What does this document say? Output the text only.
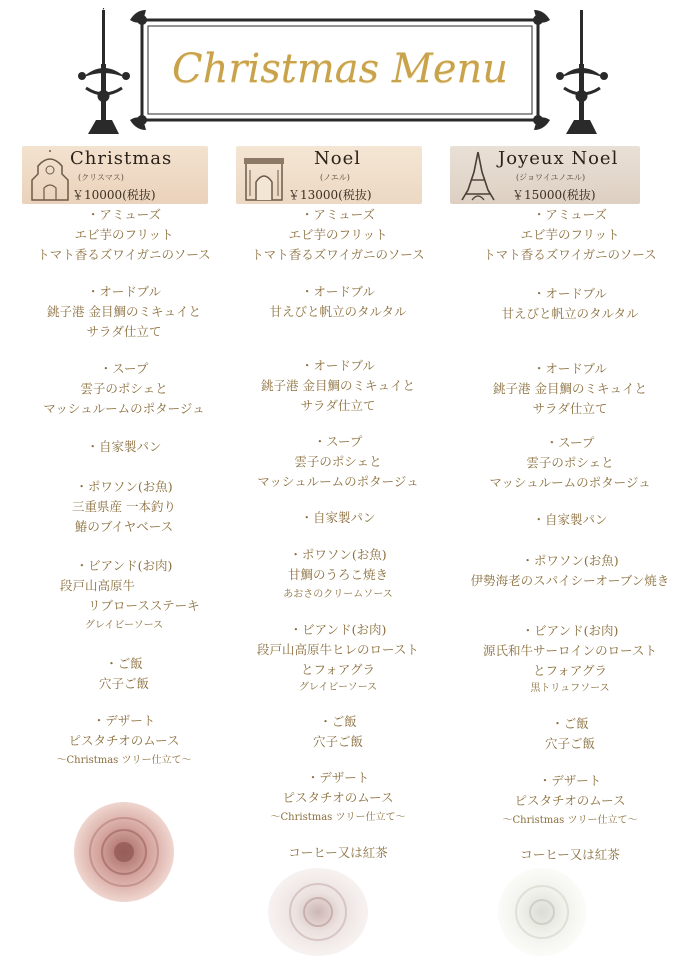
Christmas Menu
Christmas
(クリスマス)
￥10000(税抜)
Noel
(ノエル)
￥13000(税抜)
Joyeux Noel
(ジョワイユノエル)
￥15000(税抜)
・アミューズ
エビ芋のフリット
トマト香るズワイガニのソース
・オードブル
銚子港 金目鯛のミキュイと
サラダ仕立て
・スープ
雲子のポシェと
マッシュルームのポタージュ
・自家製パン
・ポワソン(お魚)
三重県産 一本釣り
鰆のブイヤベース
・ビアンド(お肉)
段戸山高原牛
リブロースステーキ
グレイビーソース
・ご飯
穴子ご飯
・デザート
ピスタチオのムース
～Christmas ツリー仕立て～
・アミューズ
エビ芋のフリット
トマト香るズワイガニのソース
・オードブル
甘えびと帆立のタルタル
・オードブル
銚子港 金目鯛のミキュイと
サラダ仕立て
・スープ
雲子のポシェと
マッシュルームのポタージュ
・自家製パン
・ポワソン(お魚)
甘鯛のうろこ焼き
あおさのクリームソース
・ビアンド(お肉)
段戸山高原牛ヒレのロースト
とフォアグラ
グレイビーソース
・ご飯
穴子ご飯
・デザート
ピスタチオのムース
～Christmas ツリー仕立て～
コーヒー又は紅茶
・アミューズ
エビ芋のフリット
トマト香るズワイガニのソース
・オードブル
甘えびと帆立のタルタル
・オードブル
銚子港 金目鯛のミキュイと
サラダ仕立て
・スープ
雲子のポシェと
マッシュルームのポタージュ
・自家製パン
・ポワソン(お魚)
伊勢海老のスパイシーオーブン焼き
・ビアンド(お肉)
源氏和牛サーロインのロースト
とフォアグラ
黒トリュフソース
・ご飯
穴子ご飯
・デザート
ピスタチオのムース
～Christmas ツリー仕立て～
コーヒー又は紅茶
